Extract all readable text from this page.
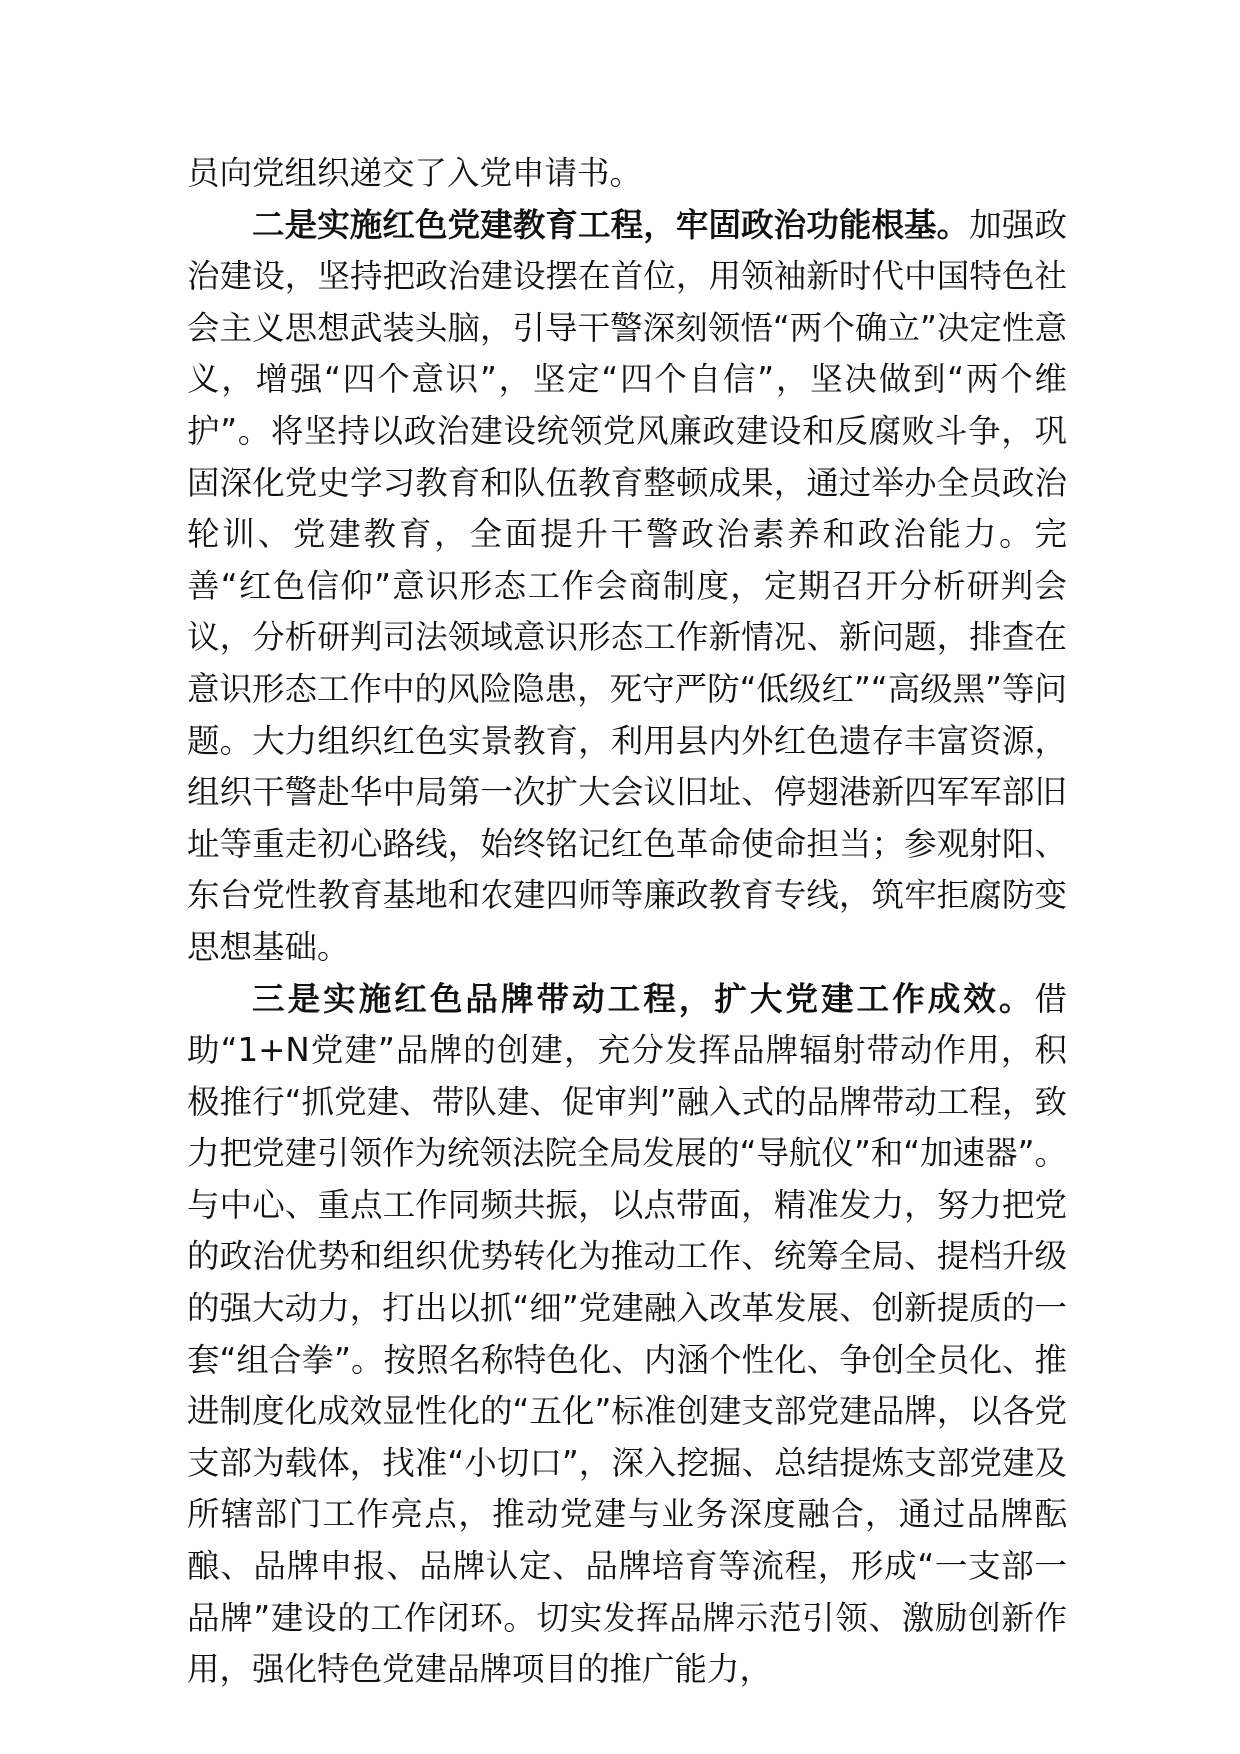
员向党组织递交了入党申请书。

二是实施红色党建教育工程，牢固政治功能根基。加强政治建设，坚持把政治建设摆在首位，用领袖新时代中国特色社会主义思想武装头脑，引导干警深刻领悟“两个确立”决定性意义，增强“四个意识”，坚定“四个自信”，坚决做到“两个维护”。将坚持以政治建设统领党风廉政建设和反腐败斗争，巩固深化党史学习教育和队伍教育整顿成果，通过举办全员政治轮训、党建教育，全面提升干警政治素养和政治能力。完善“红色信仰”意识形态工作会商制度，定期召开分析研判会议，分析研判司法领域意识形态工作新情况、新问题，排查在意识形态工作中的风险隐患，死守严防“低级红”“高级黑”等问题。大力组织红色实景教育，利用县内外红色遗存丰富资源，组织干警赴华中局第一次扩大会议旧址、停翅港新四军军部旧址等重走初心路线，始终铭记红色革命使命担当；参观射阳、东台党性教育基地和农建四师等廉政教育专线，筑牢拒腐防变思想基础。

三是实施红色品牌带动工程，扩大党建工作成效。借助“1+N党建”品牌的创建，充分发挥品牌辐射带动作用，积极推行“抓党建、带队建、促审判”融入式的品牌带动工程，致力把党建引领作为统领法院全局发展的“导航仪”和“加速器”。与中心、重点工作同频共振，以点带面，精准发力，努力把党的政治优势和组织优势转化为推动工作、统筹全局、提档升级的强大动力，打出以抓“细”党建融入改革发展、创新提质的一套“组合拳”。按照名称特色化、内涵个性化、争创全员化、推进制度化成效显性化的“五化”标准创建支部党建品牌，以各党支部为载体，找准“小切口”，深入挖掘、总结提炼支部党建及所辖部门工作亮点，推动党建与业务深度融合，通过品牌酝酿、品牌申报、品牌认定、品牌培育等流程，形成“一支部一品牌”建设的工作闭环。切实发挥品牌示范引领、激励创新作用，强化特色党建品牌项目的推广能力，
